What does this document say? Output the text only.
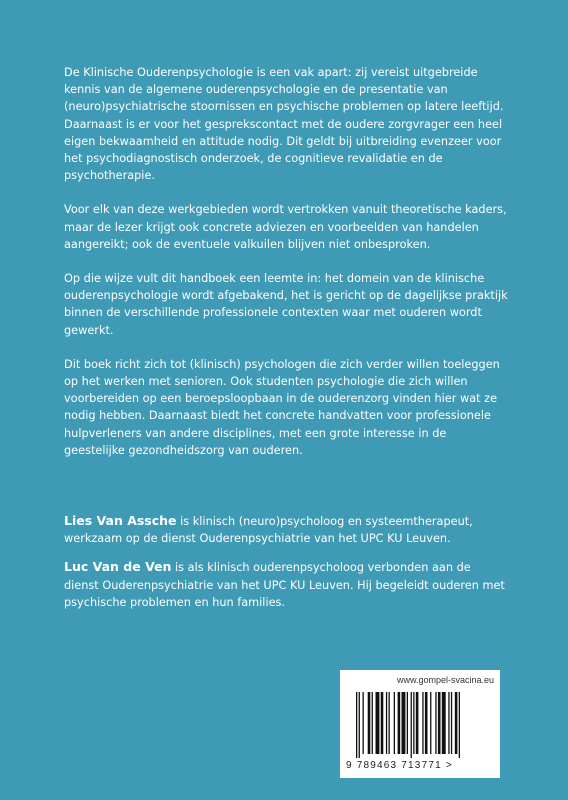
De Klinische Ouderenpsychologie is een vak apart: zij vereist uitgebreide kennis van de algemene ouderenpsychologie en de presentatie van (neuro)psychiatrische stoornissen en psychische problemen op latere leeftijd. Daarnaast is er voor het gesprekscontact met de oudere zorgvrager een heel eigen bekwaamheid en attitude nodig. Dit geldt bij uitbreiding evenzeer voor het psychodiagnostisch onderzoek, de cognitieve revalidatie en de psychotherapie.

Voor elk van deze werkgebieden wordt vertrokken vanuit theoretische kaders, maar de lezer krijgt ook concrete adviezen en voorbeelden van handelen aangereikt; ook de eventuele valkuilen blijven niet onbesproken.

Op die wijze vult dit handboek een leemte in: het domein van de klinische ouderenpsychologie wordt afgebakend, het is gericht op de dagelijkse praktijk binnen de verschillende professionele contexten waar met ouderen wordt gewerkt.

Dit boek richt zich tot (klinisch) psychologen die zich verder willen toeleggen op het werken met senioren. Ook studenten psychologie die zich willen voorbereiden op een beroepsloopbaan in de ouderenzorg vinden hier wat ze nodig hebben. Daarnaast biedt het concrete handvatten voor professionele hulpverleners van andere disciplines, met een grote interesse in de geestelijke gezondheidszorg van ouderen.

Lies Van Assche is klinisch (neuro)psycholoog en systeemtherapeut, werkzaam op de dienst Ouderenpsychiatrie van het UPC KU Leuven.

Luc Van de Ven is als klinisch ouderenpsycholoog verbonden aan de dienst Ouderenpsychiatrie van het UPC KU Leuven. Hij begeleidt ouderen met psychische problemen en hun families.

www.gompel-svacina.eu
9 789463 713771 >
